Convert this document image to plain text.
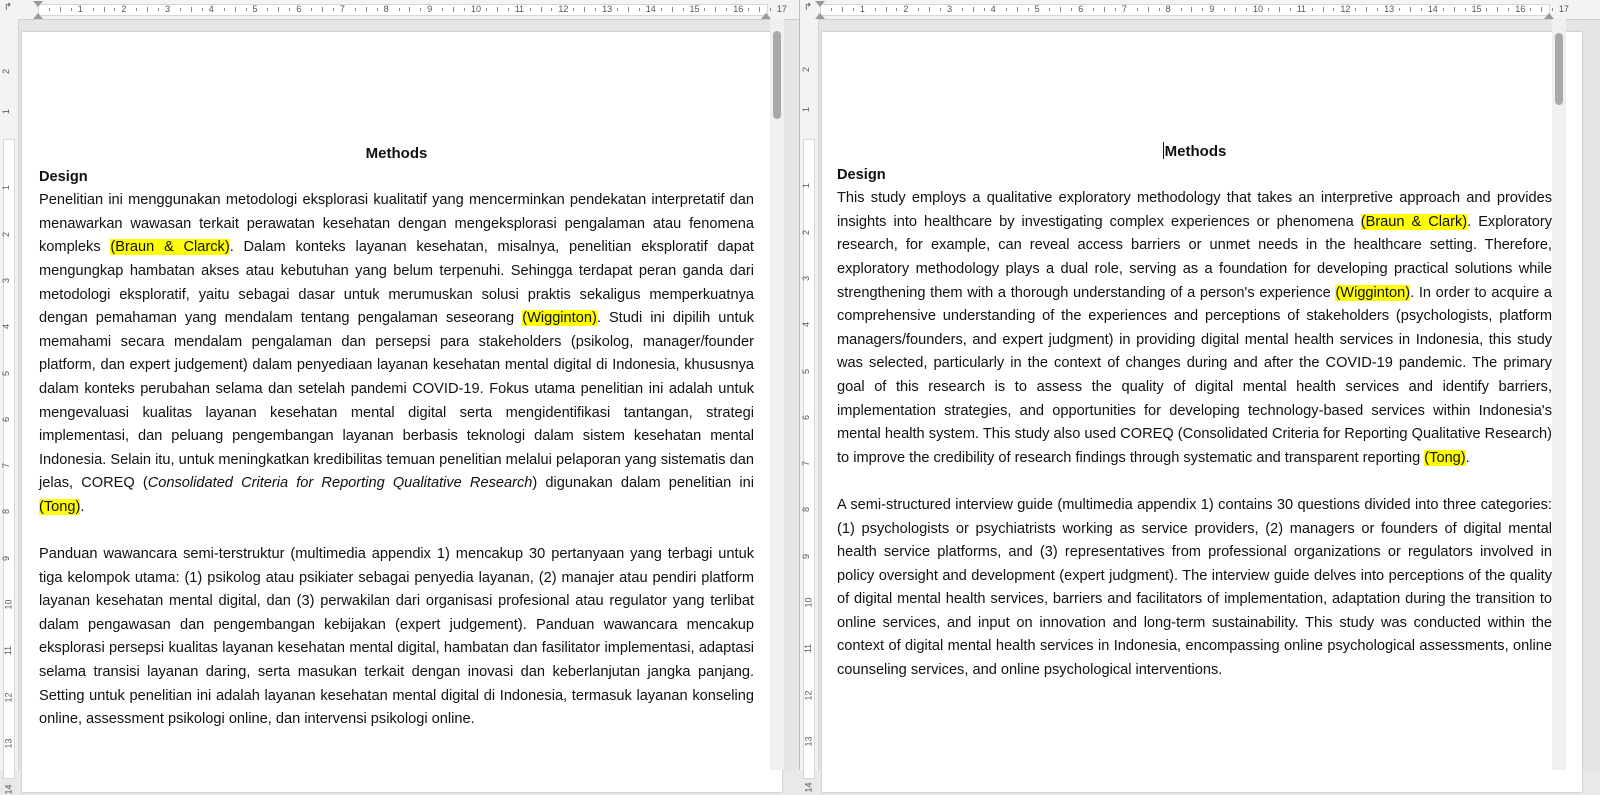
↱	1	2	3	4	5	6	7	8	9	10	11	12	13	14	15	16	17
2
1
1
2
3
4
5
6
7
8
9
10
11
12
13
14

Methods

Design

Penelitian ini menggunakan metodologi eksplorasi kualitatif yang mencerminkan pendekatan interpretatif dan menawarkan wawasan terkait perawatan kesehatan dengan mengeksplorasi pengalaman atau fenomena kompleks (Braun & Clarck). Dalam konteks layanan kesehatan, misalnya, penelitian eksploratif dapat mengungkap hambatan akses atau kebutuhan yang belum terpenuhi. Sehingga terdapat peran ganda dari metodologi eksploratif, yaitu sebagai dasar untuk merumuskan solusi praktis sekaligus memperkuatnya dengan pemahaman yang mendalam tentang pengalaman seseorang (Wigginton). Studi ini dipilih untuk memahami secara mendalam pengalaman dan persepsi para stakeholders (psikolog, manager/founder platform, dan expert judgement) dalam penyediaan layanan kesehatan mental digital di Indonesia, khususnya dalam konteks perubahan selama dan setelah pandemi COVID-19. Fokus utama penelitian ini adalah untuk mengevaluasi kualitas layanan kesehatan mental digital serta mengidentifikasi tantangan, strategi implementasi, dan peluang pengembangan layanan berbasis teknologi dalam sistem kesehatan mental Indonesia. Selain itu, untuk meningkatkan kredibilitas temuan penelitian melalui pelaporan yang sistematis dan jelas, COREQ (Consolidated Criteria for Reporting Qualitative Research) digunakan dalam penelitian ini (Tong).

Panduan wawancara semi-terstruktur (multimedia appendix 1) mencakup 30 pertanyaan yang terbagi untuk tiga kelompok utama: (1) psikolog atau psikiater sebagai penyedia layanan, (2) manajer atau pendiri platform layanan kesehatan mental digital, dan (3) perwakilan dari organisasi profesional atau regulator yang terlibat dalam pengawasan dan pengembangan kebijakan (expert judgement). Panduan wawancara mencakup eksplorasi persepsi kualitas layanan kesehatan mental digital, hambatan dan fasilitator implementasi, adaptasi selama transisi layanan daring, serta masukan terkait dengan inovasi dan keberlanjutan jangka panjang. Setting untuk penelitian ini adalah layanan kesehatan mental digital di Indonesia, termasuk layanan konseling online, assessment psikologi online, dan intervensi psikologi online.

↱	1	2	3	4	5	6	7	8	9	10	11	12	13	14	15	16	17
2
1
1
2
3
4
5
6
7
8
9
10
11
12
13
14

Methods

Design

This study employs a qualitative exploratory methodology that takes an interpretive approach and provides insights into healthcare by investigating complex experiences or phenomena (Braun & Clark). Exploratory research, for example, can reveal access barriers or unmet needs in the healthcare setting. Therefore, exploratory methodology plays a dual role, serving as a foundation for developing practical solutions while strengthening them with a thorough understanding of a person's experience (Wigginton). In order to acquire a comprehensive understanding of the experiences and perceptions of stakeholders (psychologists, platform managers/founders, and expert judgment) in providing digital mental health services in Indonesia, this study was selected, particularly in the context of changes during and after the COVID-19 pandemic. The primary goal of this research is to assess the quality of digital mental health services and identify barriers, implementation strategies, and opportunities for developing technology-based services within Indonesia's mental health system. This study also used COREQ (Consolidated Criteria for Reporting Qualitative Research) to improve the credibility of research findings through systematic and transparent reporting (Tong).

A semi-structured interview guide (multimedia appendix 1) contains 30 questions divided into three categories: (1) psychologists or psychiatrists working as service providers, (2) managers or founders of digital mental health service platforms, and (3) representatives from professional organizations or regulators involved in policy oversight and development (expert judgment). The interview guide delves into perceptions of the quality of digital mental health services, barriers and facilitators of implementation, adaptation during the transition to online services, and input on innovation and long-term sustainability. This study was conducted within the context of digital mental health services in Indonesia, encompassing online psychological assessments, online counseling services, and online psychological interventions.
